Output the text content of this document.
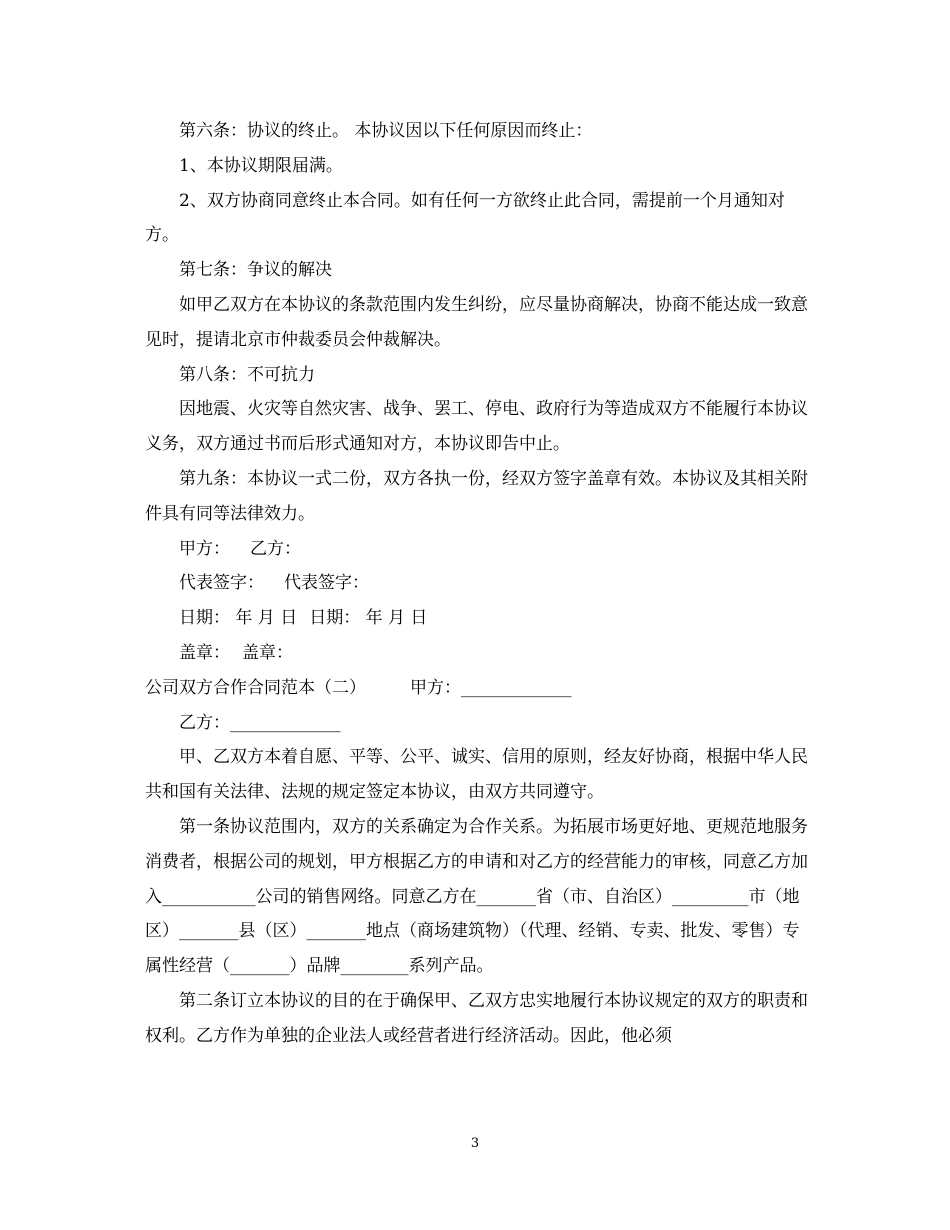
第六条：协议的终止。 本协议因以下任何原因而终止：

1、本协议期限届满。

2、双方协商同意终止本合同。如有任何一方欲终止此合同，需提前一个月通知对方。

第七条：争议的解决

如甲乙双方在本协议的条款范围内发生纠纷，应尽量协商解决，协商不能达成一致意见时，提请北京市仲裁委员会仲裁解决。

第八条：不可抗力

因地震、火灾等自然灾害、战争、罢工、停电、政府行为等造成双方不能履行本协议义务，双方通过书而后形式通知对方，本协议即告中止。

第九条：本协议一式二份，双方各执一份，经双方签字盖章有效。本协议及其相关附件具有同等法律效力。

甲方： 乙方：

代表签字： 代表签字：

日期： 年 月 日 日期： 年 月 日

盖章： 盖章：

公司双方合作合同范本（二）	甲方：_____________

乙方：_____________

甲、乙双方本着自愿、平等、公平、诚实、信用的原则，经友好协商，根据中华人民共和国有关法律、法规的规定签定本协议，由双方共同遵守。

第一条协议范围内，双方的关系确定为合作关系。为拓展市场更好地、更规范地服务消费者，根据公司的规划，甲方根据乙方的申请和对乙方的经营能力的审核，同意乙方加入___________公司的销售网络。同意乙方在_______省（市、自治区）_________市（地区）_______县（区）_______地点（商场建筑物）（代理、经销、专卖、批发、零售）专属性经营（_______）品牌________系列产品。

第二条订立本协议的目的在于确保甲、乙双方忠实地履行本协议规定的双方的职责和权利。乙方作为单独的企业法人或经营者进行经济活动。因此，他必须

3
